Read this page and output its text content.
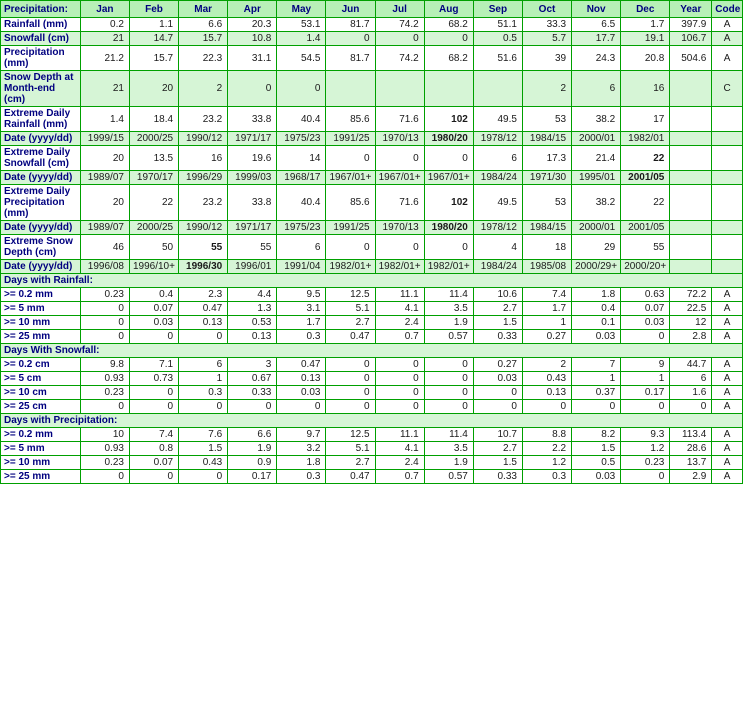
Precipitation:	Jan	Feb	Mar	Apr	May	Jun	Jul	Aug	Sep	Oct	Nov	Dec	Year	Code
Rainfall (mm)	0.2	1.1	6.6	20.3	53.1	81.7	74.2	68.2	51.1	33.3	6.5	1.7	397.9	A
Snowfall (cm)	21	14.7	15.7	10.8	1.4	0	0	0	0.5	5.7	17.7	19.1	106.7	A
Precipitation (mm)	21.2	15.7	22.3	31.1	54.5	81.7	74.2	68.2	51.6	39	24.3	20.8	504.6	A
Snow Depth at Month-end (cm)	21	20	2	0	0					2	6	16		C
Extreme Daily Rainfall (mm)	1.4	18.4	23.2	33.8	40.4	85.6	71.6	102	49.5	53	38.2	17		
Date (yyyy/dd)	1999/15	2000/25	1990/12	1971/17	1975/23	1991/25	1970/13	1980/20	1978/12	1984/15	2000/01	1982/01		
Extreme Daily Snowfall (cm)	20	13.5	16	19.6	14	0	0	0	6	17.3	21.4	22		
Date (yyyy/dd)	1989/07	1970/17	1996/29	1999/03	1968/17	1967/01+	1967/01+	1967/01+	1984/24	1971/30	1995/01	2001/05		
Extreme Daily Precipitation (mm)	20	22	23.2	33.8	40.4	85.6	71.6	102	49.5	53	38.2	22		
Date (yyyy/dd)	1989/07	2000/25	1990/12	1971/17	1975/23	1991/25	1970/13	1980/20	1978/12	1984/15	2000/01	2001/05		
Extreme Snow Depth (cm)	46	50	55	55	6	0	0	0	4	18	29	55		
Date (yyyy/dd)	1996/08	1996/10+	1996/30	1996/01	1991/04	1982/01+	1982/01+	1982/01+	1984/24	1985/08	2000/29+	2000/20+		
Days with Rainfall:														
>= 0.2 mm	0.23	0.4	2.3	4.4	9.5	12.5	11.1	11.4	10.6	7.4	1.8	0.63	72.2	A
>= 5 mm	0	0.07	0.47	1.3	3.1	5.1	4.1	3.5	2.7	1.7	0.4	0.07	22.5	A
>= 10 mm	0	0.03	0.13	0.53	1.7	2.7	2.4	1.9	1.5	1	0.1	0.03	12	A
>= 25 mm	0	0	0	0.13	0.3	0.47	0.7	0.57	0.33	0.27	0.03	0	2.8	A
Days With Snowfall:														
>= 0.2 cm	9.8	7.1	6	3	0.47	0	0	0	0.27	2	7	9	44.7	A
>= 5 cm	0.93	0.73	1	0.67	0.13	0	0	0	0.03	0.43	1	1	6	A
>= 10 cm	0.23	0	0.3	0.33	0.03	0	0	0	0	0.13	0.37	0.17	1.6	A
>= 25 cm	0	0	0	0	0	0	0	0	0	0	0	0	0	A
Days with Precipitation:														
>= 0.2 mm	10	7.4	7.6	6.6	9.7	12.5	11.1	11.4	10.7	8.8	8.2	9.3	113.4	A
>= 5 mm	0.93	0.8	1.5	1.9	3.2	5.1	4.1	3.5	2.7	2.2	1.5	1.2	28.6	A
>= 10 mm	0.23	0.07	0.43	0.9	1.8	2.7	2.4	1.9	1.5	1.2	0.5	0.23	13.7	A
>= 25 mm	0	0	0	0.17	0.3	0.47	0.7	0.57	0.33	0.3	0.03	0	2.9	A
